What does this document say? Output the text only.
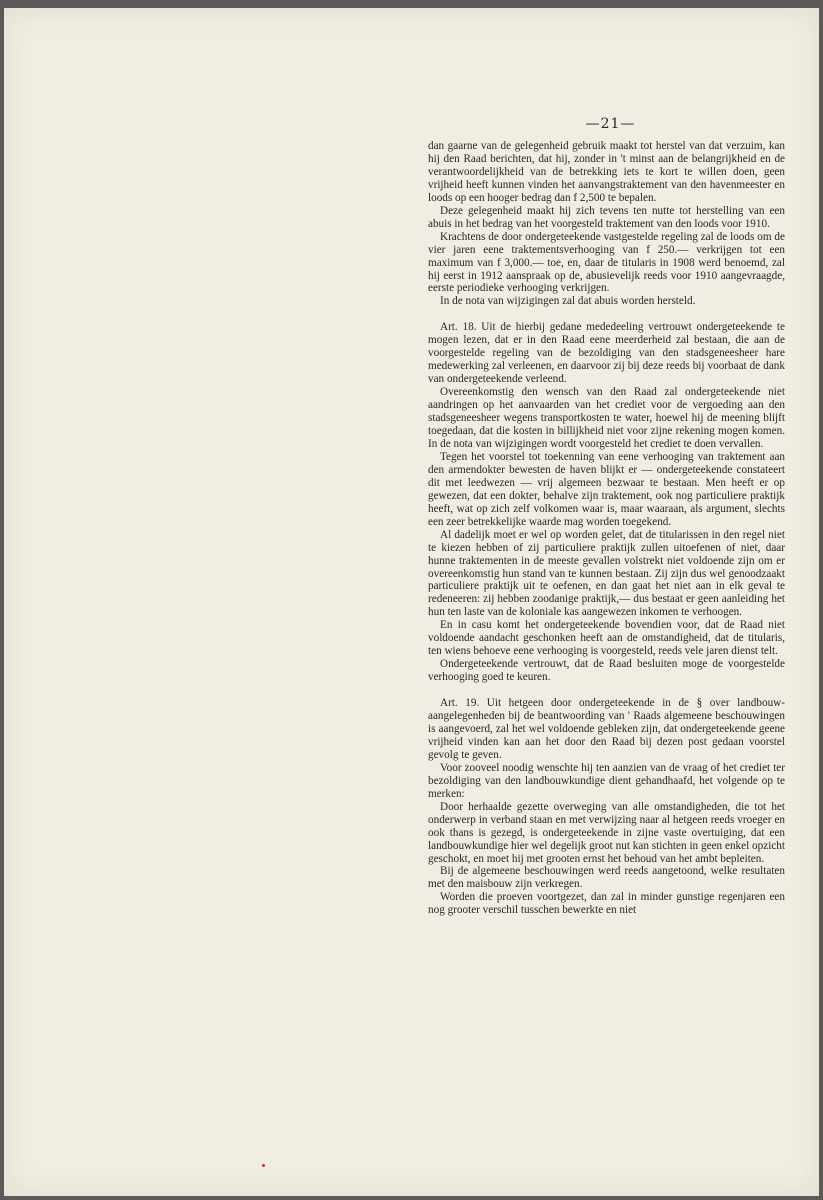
—21—

dan gaarne van de gelegenheid gebruik maakt tot herstel van dat verzuim, kan hij den Raad berichten, dat hij, zonder in 't minst aan de belangrijkheid en de verantwoordelijkheid van de betrekking iets te kort te willen doen, geen vrijheid heeft kunnen vinden het aanvangstraktement van den havenmeester en loods op een hooger bedrag dan f 2,500 te bepalen.

Deze gelegenheid maakt hij zich tevens ten nutte tot herstelling van een abuis in het bedrag van het voorgesteld traktement van den loods voor 1910.

Krachtens de door ondergeteekende vastgestelde regeling zal de loods om de vier jaren eene traktementsverhooging van f 250.— verkrijgen tot een maximum van f 3,000.— toe, en, daar de titularis in 1908 werd benoemd, zal hij eerst in 1912 aanspraak op de, abusievelijk reeds voor 1910 aangevraagde, eerste periodieke verhooging verkrijgen.

In de nota van wijzigingen zal dat abuis worden hersteld.

Art. 18. Uit de hierbij gedane mededeeling vertrouwt ondergeteekende te mogen lezen, dat er in den Raad eene meerderheid zal bestaan, die aan de voorgestelde regeling van de bezoldiging van den stadsgeneesheer hare medewerking zal verleenen, en daarvoor zij bij deze reeds bij voorbaat de dank van ondergeteekende verleend.

Overeenkomstig den wensch van den Raad zal ondergeteekende niet aandringen op het aanvaarden van het crediet voor de vergoeding aan den stadsgeneesheer wegens transportkosten te water, hoewel hij de meening blijft toegedaan, dat die kosten in billijkheid niet voor zijne rekening mogen komen. In de nota van wijzigingen wordt voorgesteld het crediet te doen vervallen.

Tegen het voorstel tot toekenning van eene verhooging van traktement aan den armendokter bewesten de haven blijkt er — ondergeteekende constateert dit met leedwezen — vrij algemeen bezwaar te bestaan. Men heeft er op gewezen, dat een dokter, behalve zijn traktement, ook nog particuliere praktijk heeft, wat op zich zelf volkomen waar is, maar waaraan, als argument, slechts een zeer betrekkelijke waarde mag worden toegekend.

Al dadelijk moet er wel op worden gelet, dat de titularissen in den regel niet te kiezen hebben of zij particuliere praktijk zullen uitoefenen of niet, daar hunne traktementen in de meeste gevallen volstrekt niet voldoende zijn om er overeenkomstig hun stand van te kunnen bestaan. Zij zijn dus wel genoodzaakt particuliere praktijk uit te oefenen, en dan gaat het niet aan in elk geval te redeneeren: zij hebben zoodanige praktijk,— dus bestaat er geen aanleiding het hun ten laste van de koloniale kas aangewezen inkomen te verhoogen.

En in casu komt het ondergeteekende bovendien voor, dat de Raad niet voldoende aandacht geschonken heeft aan de omstandigheid, dat de titularis, ten wiens behoeve eene verhooging is voorgesteld, reeds vele jaren dienst telt.

Ondergeteekende vertrouwt, dat de Raad besluiten moge de voorgestelde verhooging goed te keuren.

Art. 19. Uit hetgeen door ondergeteekende in de § over landbouw-aangelegenheden bij de beantwoording van ' Raads algemeene beschouwingen is aangevoerd, zal het wel voldoende gebleken zijn, dat ondergeteekende geene vrijheid vinden kan aan het door den Raad bij dezen post gedaan voorstel gevolg te geven.

Voor zooveel noodig wenschte hij ten aanzien van de vraag of het crediet ter bezoldiging van den landbouwkundige dient gehandhaafd, het volgende op te merken:

Door herhaalde gezette overweging van alle omstandigheden, die tot het onderwerp in verband staan en met verwijzing naar al hetgeen reeds vroeger en ook thans is gezegd, is ondergeteekende in zijne vaste overtuiging, dat een landbouwkundige hier wel degelijk groot nut kan stichten in geen enkel opzicht geschokt, en moet hij met grooten ernst het behoud van het ambt bepleiten.

Bij de algemeene beschouwingen werd reeds aangetoond, welke resultaten met den maisbouw zijn verkregen.

Worden die proeven voortgezet, dan zal in minder gunstige regenjaren een nog grooter verschil tusschen bewerkte en niet
